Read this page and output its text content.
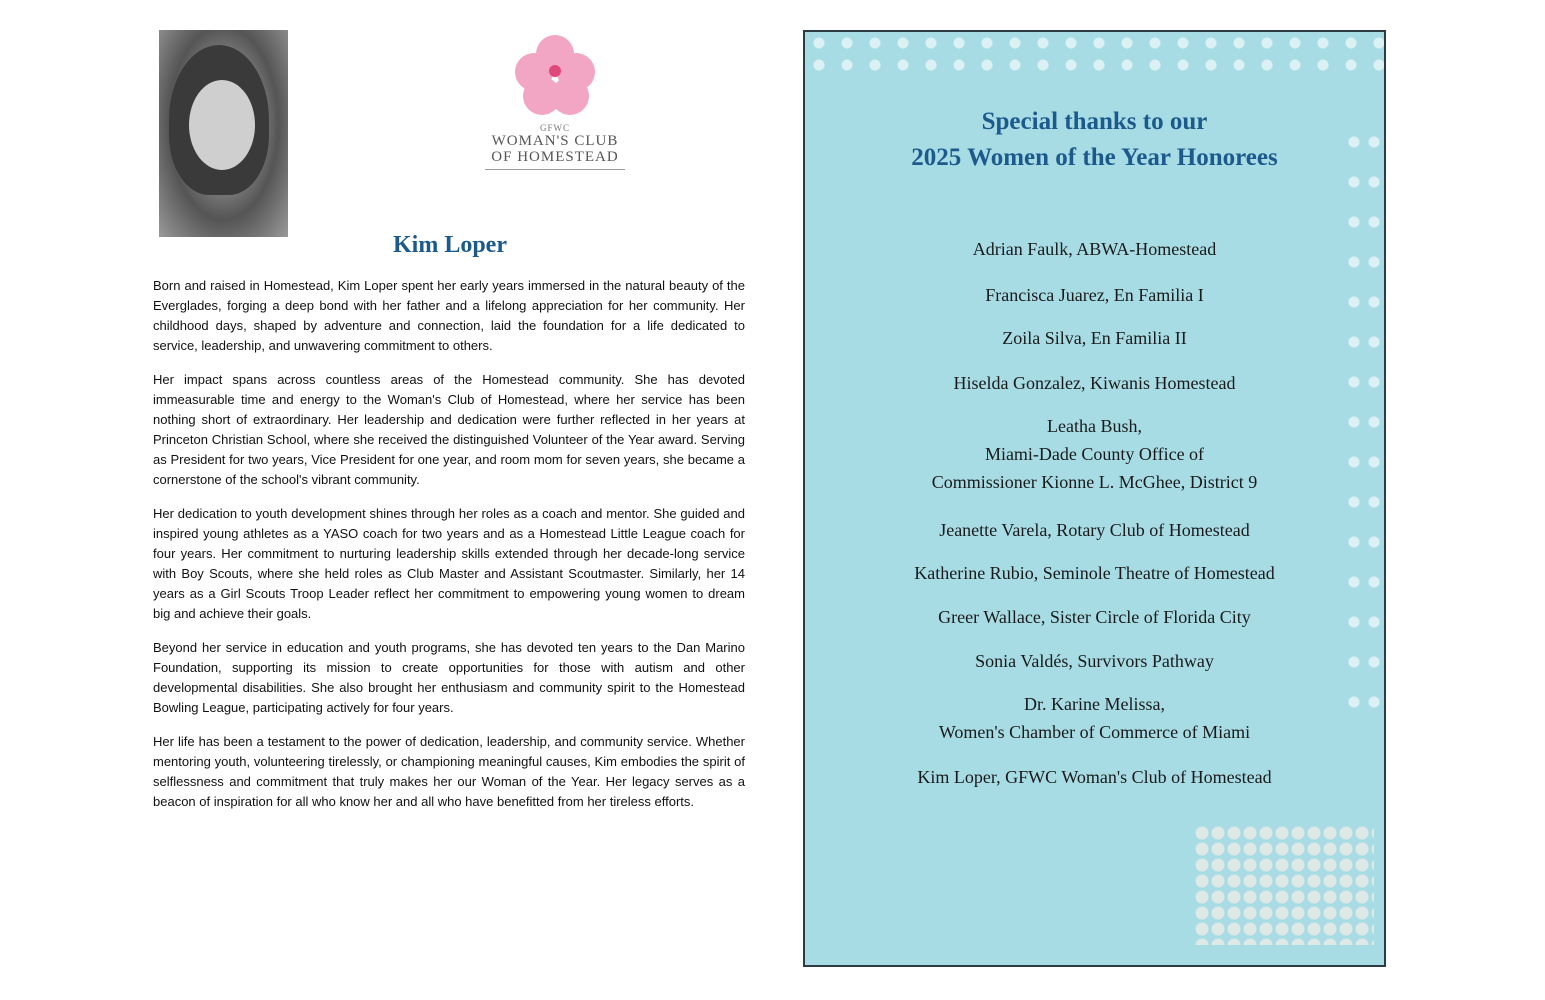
GFWC
WOMAN'S CLUB
OF HOMESTEAD
Kim Loper

Born and raised in Homestead, Kim Loper spent her early years immersed in the natural beauty of the Everglades, forging a deep bond with her father and a lifelong appreciation for her community. Her childhood days, shaped by adventure and connection, laid the foundation for a life dedicated to service, leadership, and unwavering commitment to others.

Her impact spans across countless areas of the Homestead community. She has devoted immeasurable time and energy to the Woman's Club of Homestead, where her service has been nothing short of extraordinary. Her leadership and dedication were further reflected in her years at Princeton Christian School, where she received the distinguished Volunteer of the Year award. Serving as President for two years, Vice President for one year, and room mom for seven years, she became a cornerstone of the school's vibrant community.

Her dedication to youth development shines through her roles as a coach and mentor. She guided and inspired young athletes as a YASO coach for two years and as a Homestead Little League coach for four years. Her commitment to nurturing leadership skills extended through her decade-long service with Boy Scouts, where she held roles as Club Master and Assistant Scoutmaster. Similarly, her 14 years as a Girl Scouts Troop Leader reflect her commitment to empowering young women to dream big and achieve their goals.

Beyond her service in education and youth programs, she has devoted ten years to the Dan Marino Foundation, supporting its mission to create opportunities for those with autism and other developmental disabilities. She also brought her enthusiasm and community spirit to the Homestead Bowling League, participating actively for four years.

Her life has been a testament to the power of dedication, leadership, and community service. Whether mentoring youth, volunteering tirelessly, or championing meaningful causes, Kim embodies the spirit of selflessness and commitment that truly makes her our Woman of the Year. Her legacy serves as a beacon of inspiration for all who know her and all who have benefitted from her tireless efforts.

Special thanks to our
2025 Women of the Year Honorees
Adrian Faulk, ABWA-Homestead
Francisca Juarez, En Familia I
Zoila Silva, En Familia II
Hiselda Gonzalez, Kiwanis Homestead
Leatha Bush,
Miami-Dade County Office of
Commissioner Kionne L. McGhee, District 9
Jeanette Varela, Rotary Club of Homestead
Katherine Rubio, Seminole Theatre of Homestead
Greer Wallace, Sister Circle of Florida City
Sonia Valdés, Survivors Pathway
Dr. Karine Melissa,
Women's Chamber of Commerce of Miami
Kim Loper, GFWC Woman's Club of Homestead
